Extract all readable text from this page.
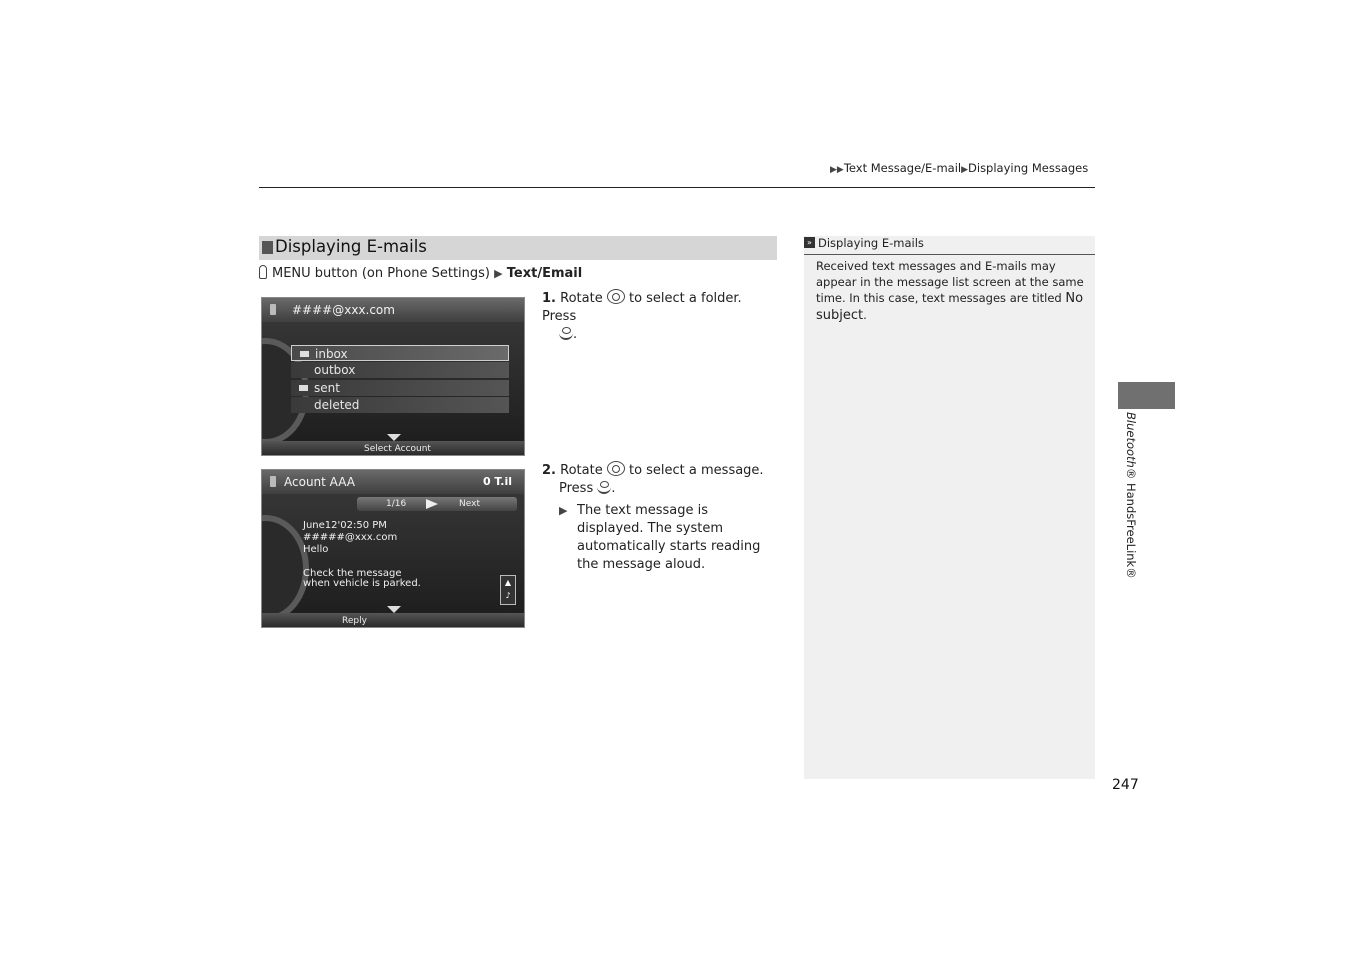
▶▶Text Message/E-mail▶Displaying Messages
Displaying E-mails
MENU button (on Phone Settings) ▶ Text/Email
####@xxx.com
inbox
outbox
sent
deleted
Select Account
Acount AAA	0 T.il
1/16	Next
June12'02:50 PM
#####@xxx.com
Hello
Check the message
when vehicle is parked.	▲
♪
Reply
1. Rotate to select a folder. Press
.
2. Rotate to select a message.
Press .
▶ The text message is displayed. The system automatically starts reading the message aloud.
» Displaying E-mails
Received text messages and E-mails may appear in the message list screen at the same time. In this case, text messages are titled No subject.
Bluetooth® HandsFreeLink®
247
